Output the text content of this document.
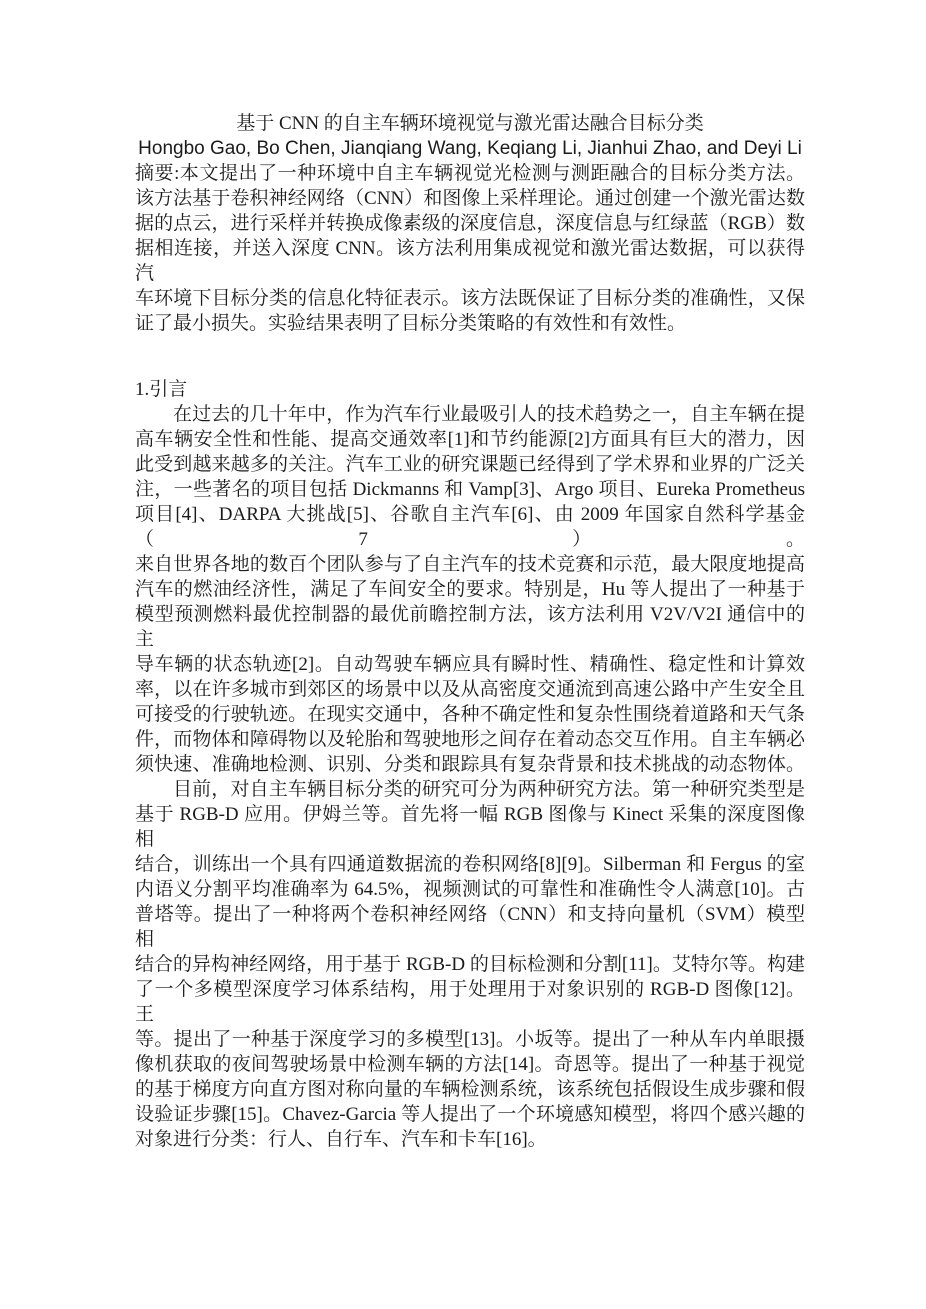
基于 CNN 的自主车辆环境视觉与激光雷达融合目标分类
Hongbo Gao, Bo Chen, Jianqiang Wang, Keqiang Li, Jianhui Zhao, and Deyi Li
摘要:本文提出了一种环境中自主车辆视觉光检测与测距融合的目标分类方法。
该方法基于卷积神经网络（CNN）和图像上采样理论。通过创建一个激光雷达数
据的点云，进行采样并转换成像素级的深度信息，深度信息与红绿蓝（RGB）数
据相连接，并送入深度 CNN。该方法利用集成视觉和激光雷达数据，可以获得汽
车环境下目标分类的信息化特征表示。该方法既保证了目标分类的准确性，又保
证了最小损失。实验结果表明了目标分类策略的有效性和有效性。
1.引言
在过去的几十年中，作为汽车行业最吸引人的技术趋势之一，自主车辆在提
高车辆安全性和性能、提高交通效率[1]和节约能源[2]方面具有巨大的潜力，因
此受到越来越多的关注。汽车工业的研究课题已经得到了学术界和业界的广泛关
注，一些著名的项目包括 Dickmanns 和 Vamp[3]、Argo 项目、Eureka Prometheus
项目[4]、DARPA 大挑战[5]、谷歌自主汽车[6]、由 2009 年国家自然科学基金（7）。
来自世界各地的数百个团队参与了自主汽车的技术竞赛和示范，最大限度地提高
汽车的燃油经济性，满足了车间安全的要求。特别是，Hu 等人提出了一种基于
模型预测燃料最优控制器的最优前瞻控制方法，该方法利用 V2V/V2I 通信中的主
导车辆的状态轨迹[2]。自动驾驶车辆应具有瞬时性、精确性、稳定性和计算效
率，以在许多城市到郊区的场景中以及从高密度交通流到高速公路中产生安全且
可接受的行驶轨迹。在现实交通中，各种不确定性和复杂性围绕着道路和天气条
件，而物体和障碍物以及轮胎和驾驶地形之间存在着动态交互作用。自主车辆必
须快速、准确地检测、识别、分类和跟踪具有复杂背景和技术挑战的动态物体。
目前，对自主车辆目标分类的研究可分为两种研究方法。第一种研究类型是
基于 RGB-D 应用。伊姆兰等。首先将一幅 RGB 图像与 Kinect 采集的深度图像相
结合，训练出一个具有四通道数据流的卷积网络[8][9]。Silberman 和 Fergus 的室
内语义分割平均准确率为 64.5%，视频测试的可靠性和准确性令人满意[10]。古
普塔等。提出了一种将两个卷积神经网络（CNN）和支持向量机（SVM）模型相
结合的异构神经网络，用于基于 RGB-D 的目标检测和分割[11]。艾特尔等。构建
了一个多模型深度学习体系结构，用于处理用于对象识别的 RGB-D 图像[12]。王
等。提出了一种基于深度学习的多模型[13]。小坂等。提出了一种从车内单眼摄
像机获取的夜间驾驶场景中检测车辆的方法[14]。奇恩等。提出了一种基于视觉
的基于梯度方向直方图对称向量的车辆检测系统，该系统包括假设生成步骤和假
设验证步骤[15]。Chavez-Garcia 等人提出了一个环境感知模型，将四个感兴趣的
对象进行分类：行人、自行车、汽车和卡车[16]。
